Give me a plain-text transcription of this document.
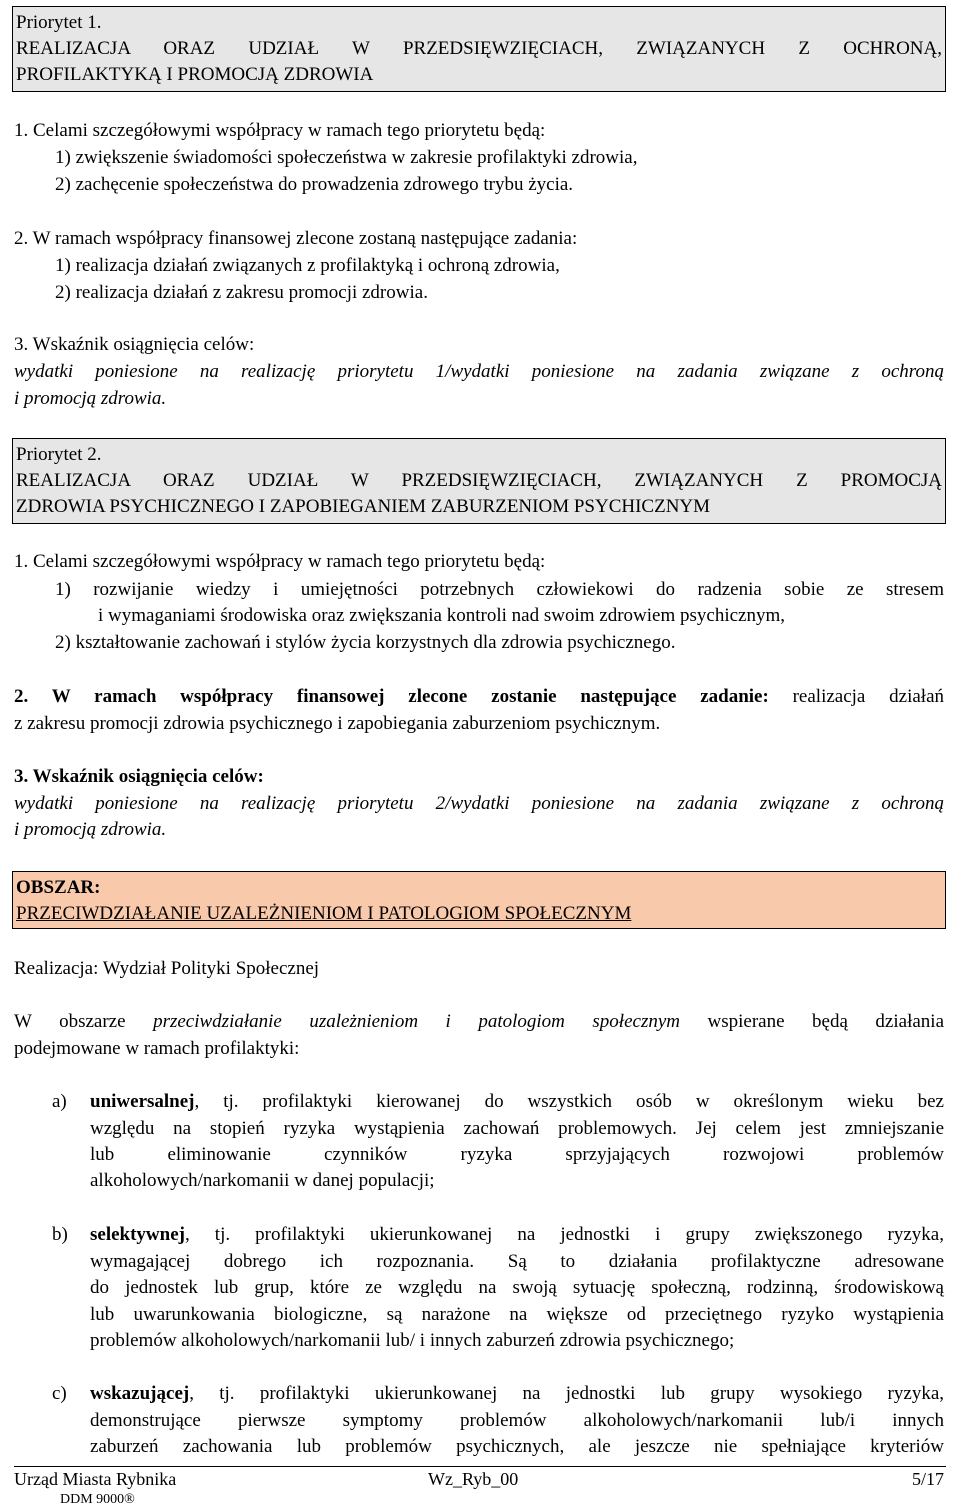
Priorytet 1.
REALIZACJA ORAZ UDZIAŁ W PRZEDSIĘWZIĘCIACH, ZWIĄZANYCH Z OCHRONĄ,
PROFILAKTYKĄ I PROMOCJĄ ZDROWIA
1. Celami szczegółowymi współpracy w ramach tego priorytetu będą:
1) zwiększenie świadomości społeczeństwa w zakresie profilaktyki zdrowia,
2) zachęcenie społeczeństwa do prowadzenia zdrowego trybu życia.
2. W ramach współpracy finansowej zlecone zostaną następujące zadania:
1) realizacja działań związanych z profilaktyką i ochroną zdrowia,
2) realizacja działań z zakresu promocji zdrowia.
3. Wskaźnik osiągnięcia celów:
wydatki poniesione na realizację priorytetu 1/wydatki poniesione na zadania związane z ochroną
i promocją zdrowia.
Priorytet 2.
REALIZACJA ORAZ UDZIAŁ W PRZEDSIĘWZIĘCIACH, ZWIĄZANYCH Z PROMOCJĄ
ZDROWIA PSYCHICZNEGO I ZAPOBIEGANIEM ZABURZENIOM PSYCHICZNYM
1. Celami szczegółowymi współpracy w ramach tego priorytetu będą:
1) rozwijanie wiedzy i umiejętności potrzebnych człowiekowi do radzenia sobie ze stresem
i wymaganiami środowiska oraz zwiększania kontroli nad swoim zdrowiem psychicznym,
2) kształtowanie zachowań i stylów życia korzystnych dla zdrowia psychicznego.
2. W ramach współpracy finansowej zlecone zostanie następujące zadanie: realizacja działań
z zakresu promocji zdrowia psychicznego i zapobiegania zaburzeniom psychicznym.
3. Wskaźnik osiągnięcia celów:
wydatki poniesione na realizację priorytetu 2/wydatki poniesione na zadania związane z ochroną
i promocją zdrowia.
OBSZAR:
PRZECIWDZIAŁANIE UZALEŻNIENIOM I PATOLOGIOM SPOŁECZNYM
Realizacja: Wydział Polityki Społecznej
W obszarze przeciwdziałanie uzależnieniom i patologiom społecznym wspierane będą działania
podejmowane w ramach profilaktyki:
a) uniwersalnej, tj. profilaktyki kierowanej do wszystkich osób w określonym wieku bez
względu na stopień ryzyka wystąpienia zachowań problemowych. Jej celem jest zmniejszanie
lub eliminowanie czynników ryzyka sprzyjających rozwojowi problemów
alkoholowych/narkomanii w danej populacji;
b) selektywnej, tj. profilaktyki ukierunkowanej na jednostki i grupy zwiększonego ryzyka,
wymagającej dobrego ich rozpoznania. Są to działania profilaktyczne adresowane
do jednostek lub grup, które ze względu na swoją sytuację społeczną, rodzinną, środowiskową
lub uwarunkowania biologiczne, są narażone na większe od przeciętnego ryzyko wystąpienia
problemów alkoholowych/narkomanii lub/ i innych zaburzeń zdrowia psychicznego;
c) wskazującej, tj. profilaktyki ukierunkowanej na jednostki lub grupy wysokiego ryzyka,
demonstrujące pierwsze symptomy problemów alkoholowych/narkomanii lub/i innych
zaburzeń zachowania lub problemów psychicznych, ale jeszcze nie spełniające kryteriów
Urząd Miasta Rybnika	Wz_Ryb_00	5/17
DDM 9000®
